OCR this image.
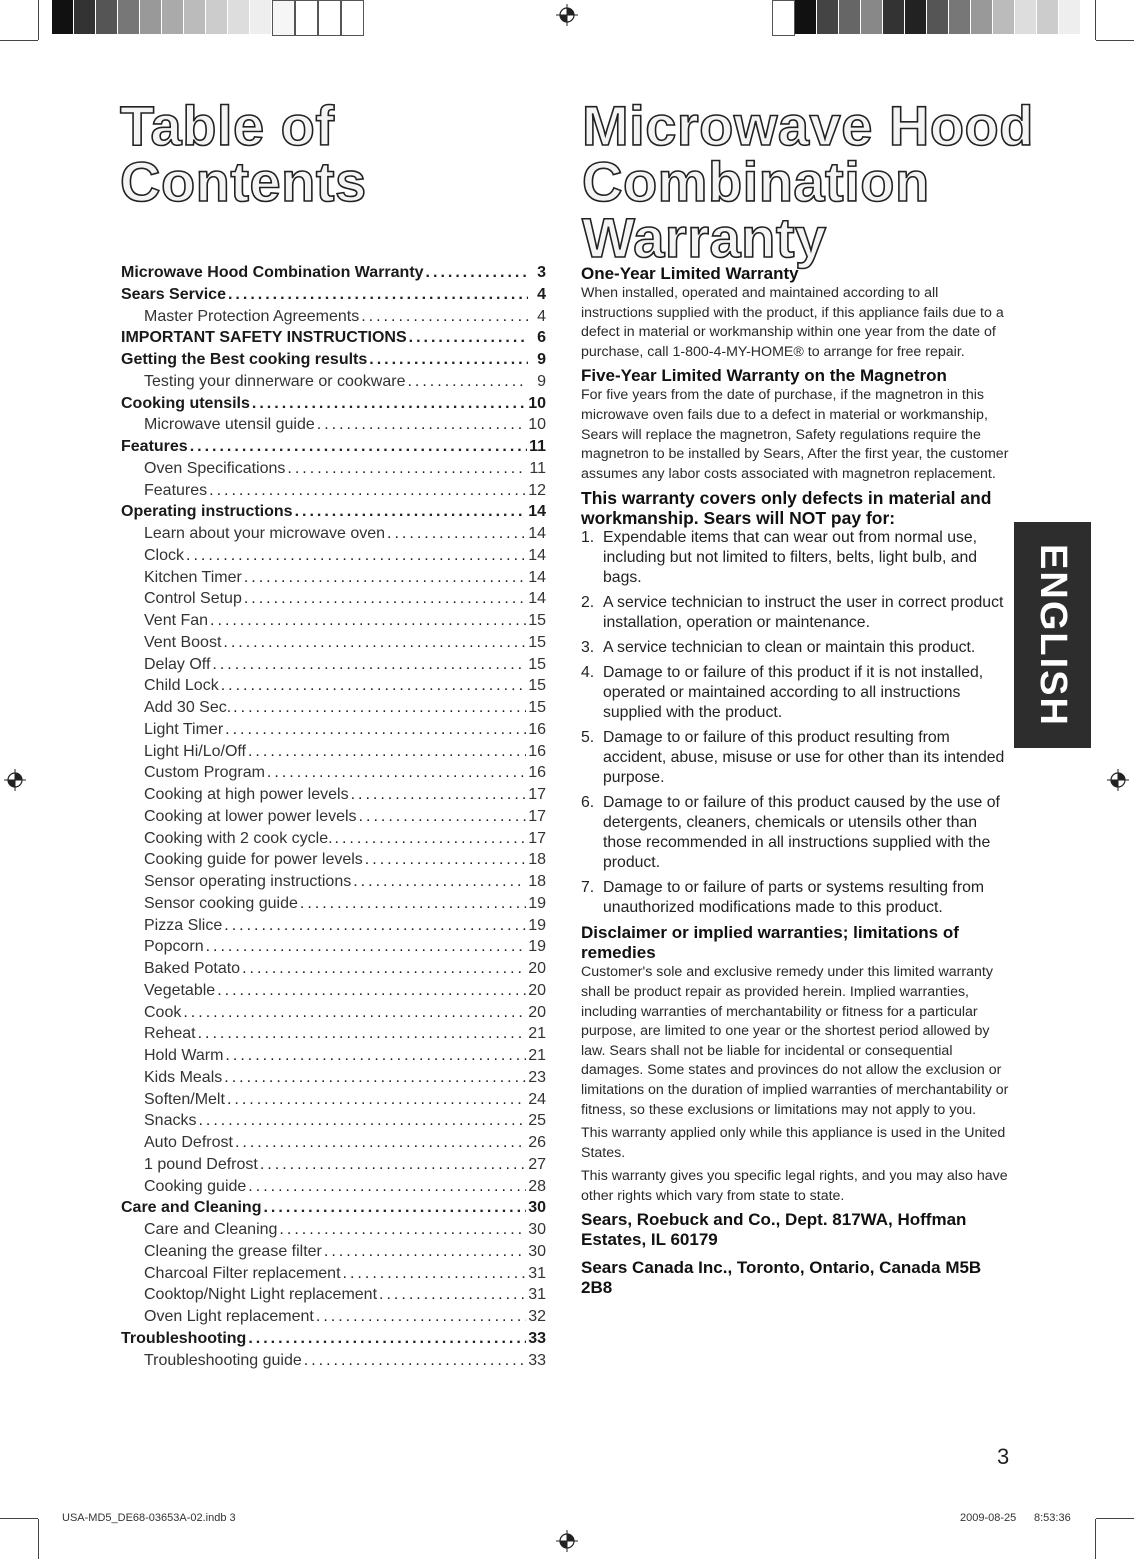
Table of
Contents
Microwave Hood Combination Warranty .....	3
Sears Service .....	4
Master Protection Agreements .....	4
IMPORTANT SAFETY INSTRUCTIONS .....	6
Getting the Best cooking results .....	9
Testing your dinnerware or cookware .....	9
Cooking utensils .....	10
Microwave utensil guide .....	10
Features .....	11
Oven Specifications .....	11
Features .....	12
Operating instructions .....	14
Learn about your microwave oven .....	14
Clock .....	14
Kitchen Timer .....	14
Control Setup .....	14
Vent Fan .....	15
Vent Boost .....	15
Delay Off .....	15
Child Lock .....	15
Add 30 Sec. .....	15
Light Timer .....	16
Light Hi/Lo/Off .....	16
Custom Program .....	16
Cooking at high power levels .....	17
Cooking at lower power levels .....	17
Cooking with 2 cook cycle. .....	17
Cooking guide for power levels .....	18
Sensor operating instructions .....	18
Sensor cooking guide .....	19
Pizza Slice .....	19
Popcorn .....	19
Baked Potato .....	20
Vegetable .....	20
Cook .....	20
Reheat .....	21
Hold Warm .....	21
Kids Meals .....	23
Soften/Melt .....	24
Snacks .....	25
Auto Defrost .....	26
1 pound Defrost .....	27
Cooking guide .....	28
Care and Cleaning .....	30
Care and Cleaning .....	30
Cleaning the grease filter .....	30
Charcoal Filter replacement .....	31
Cooktop/Night Light replacement .....	31
Oven Light replacement .....	32
Troubleshooting .....	33
Troubleshooting guide .....	33
Microwave Hood
Combination
Warranty
One-Year Limited Warranty

When installed, operated and maintained according to all instructions supplied with the product, if this appliance fails due to a defect in material or workmanship within one year from the date of purchase, call 1-800-4-MY-HOME® to arrange for free repair.

Five-Year Limited Warranty on the Magnetron

For five years from the date of purchase, if the magnetron in this microwave oven fails due to a defect in material or workmanship, Sears will replace the magnetron, Safety regulations require the magnetron to be installed by Sears, After the first year, the customer assumes any labor costs associated with magnetron replacement.

This warranty covers only defects in material and workmanship. Sears will NOT pay for:
1. Expendable items that can wear out from normal use, including but not limited to filters, belts, light bulb, and bags.
2. A service technician to instruct the user in correct product installation, operation or maintenance.
3. A service technician to clean or maintain this product.
4. Damage to or failure of this product if it is not installed, operated or maintained according to all instructions supplied with the product.
5. Damage to or failure of this product resulting from accident, abuse, misuse or use for other than its intended purpose.
6. Damage to or failure of this product caused by the use of detergents, cleaners, chemicals or utensils other than those recommended in all instructions supplied with the product.
7. Damage to or failure of parts or systems resulting from unauthorized modifications made to this product.
Disclaimer or implied warranties; limitations of remedies

Customer's sole and exclusive remedy under this limited warranty shall be product repair as provided herein. Implied warranties, including warranties of merchantability or fitness for a particular purpose, are limited to one year or the shortest period allowed by law. Sears shall not be liable for incidental or consequential damages. Some states and provinces do not allow the exclusion or limitations on the duration of implied warranties of merchantability or fitness, so these exclusions or limitations may not apply to you.

This warranty applied only while this appliance is used in the United States.

This warranty gives you specific legal rights, and you may also have other rights which vary from state to state.

Sears, Roebuck and Co., Dept. 817WA, Hoffman Estates, IL 60179
Sears Canada Inc., Toronto, Ontario, Canada M5B 2B8
ENGLISH
3
USA-MD5_DE68-03653A-02.indb 3	2009-08-25 8:53:36
